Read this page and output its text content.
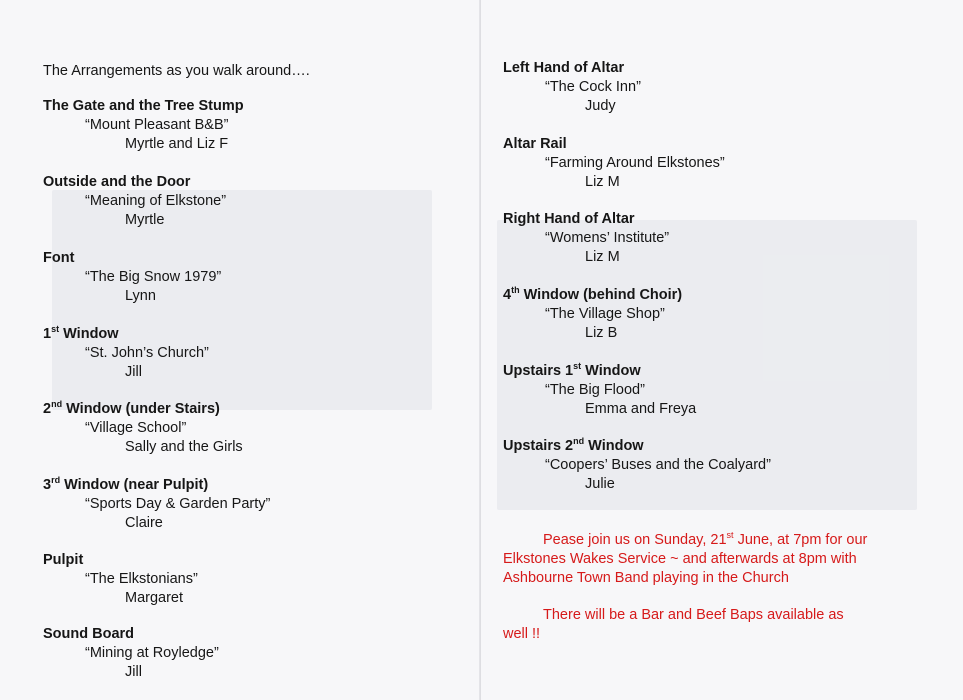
The Arrangements as you walk around….
The Gate and the Tree Stump
“Mount Pleasant B&B”
Myrtle and Liz F
Outside and the Door
“Meaning of Elkstone”
Myrtle
Font
“The Big Snow 1979”
Lynn
1st Window
“St. John’s Church”
Jill
2nd Window (under Stairs)
“Village School”
Sally and the Girls
3rd Window (near Pulpit)
“Sports Day & Garden Party”
Claire
Pulpit
“The Elkstonians”
Margaret
Sound Board
“Mining at Royledge”
Jill
Left Hand of Altar
“The Cock Inn”
Judy
Altar Rail
“Farming Around Elkstones”
Liz M
Right Hand of Altar
“Womens’ Institute”
Liz M
4th Window (behind Choir)
“The Village Shop”
Liz B
Upstairs 1st Window
“The Big Flood”
Emma and Freya
Upstairs 2nd Window
“Coopers’ Buses and the Coalyard”
Julie
Pease join us on Sunday, 21st June, at 7pm for our
Elkstones Wakes Service ~ and afterwards at 8pm with
Ashbourne Town Band playing in the Church
There will be a Bar and Beef Baps available as
well !!
